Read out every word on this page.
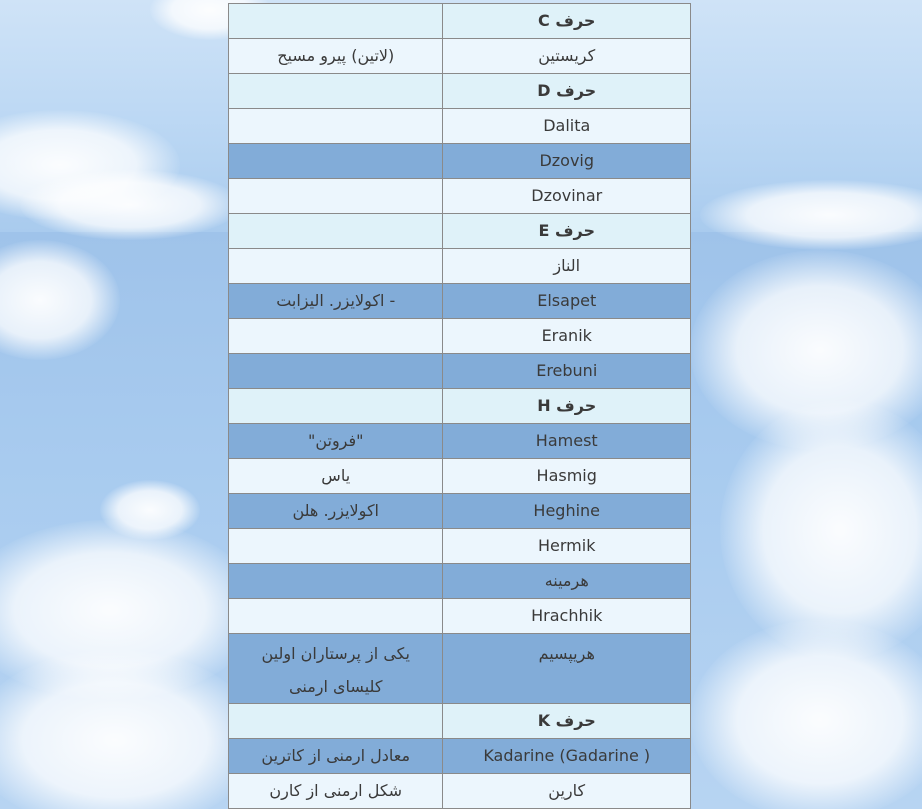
حرف C	
کریستین	(لاتین) پیرو مسیح
حرف D	
Dalita	
Dzovig	
Dzovinar	
حرف E	
الناز	
Elsapet	- اکولایزر. الیزابت
Eranik	
Erebuni	
حرف H	
Hamest	"فروتن"
Hasmig	یاس
Heghine	اکولایزر. هلن
Hermik	
هرمینه	
Hrachhik	
هریپسیم	یکی از پرستاران اولین کلیسای ارمنی
حرف K	
Kadarine (Gadarine )	معادل ارمنی از کاترین
کارین	شکل ارمنی از کارن
